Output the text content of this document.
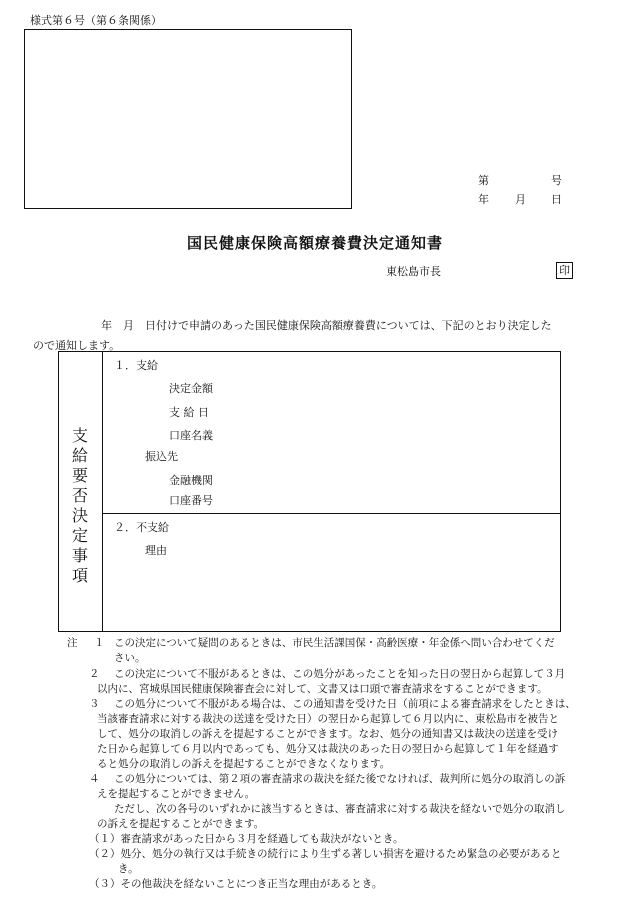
様式第６号（第６条関係）
第	号
年 月 日
国民健康保険高額療養費決定通知書
東松島市長	印
年　月　日付けで申請のあった国民健康保険高額療養費については、下記のとおり決定した
ので通知します。
支給要否決定事項
１．支給
決定金額
支 給 日
口座名義
振込先
金融機関
口座番号
２．不支給
理由
注 １ この決定について疑問のあるときは、市民生活課国保・高齢医療・年金係へ問い合わせてくだ
さい。
２ この決定について不服があるときは、この処分があったことを知った日の翌日から起算して３月
以内に、宮城県国民健康保険審査会に対して、文書又は口頭で審査請求をすることができます。
３ この処分について不服がある場合は、この通知書を受けた日（前項による審査請求をしたときは、
当該審査請求に対する裁決の送達を受けた日）の翌日から起算して６月以内に、東松島市を被告と
して、処分の取消しの訴えを提起することができます。なお、処分の通知書又は裁決の送達を受け
た日から起算して６月以内であっても、処分又は裁決のあった日の翌日から起算して１年を経過す
ると処分の取消しの訴えを提起することができなくなります。
４ この処分については、第２項の審査請求の裁決を経た後でなければ、裁判所に処分の取消しの訴
えを提起することができません。
ただし、次の各号のいずれかに該当するときは、審査請求に対する裁決を経ないで処分の取消し
の訴えを提起することができます。
（１）審査請求があった日から３月を経過しても裁決がないとき。
（２）処分、処分の執行又は手続きの続行により生ずる著しい損害を避けるため緊急の必要があると
き。
（３）その他裁決を経ないことにつき正当な理由があるとき。
